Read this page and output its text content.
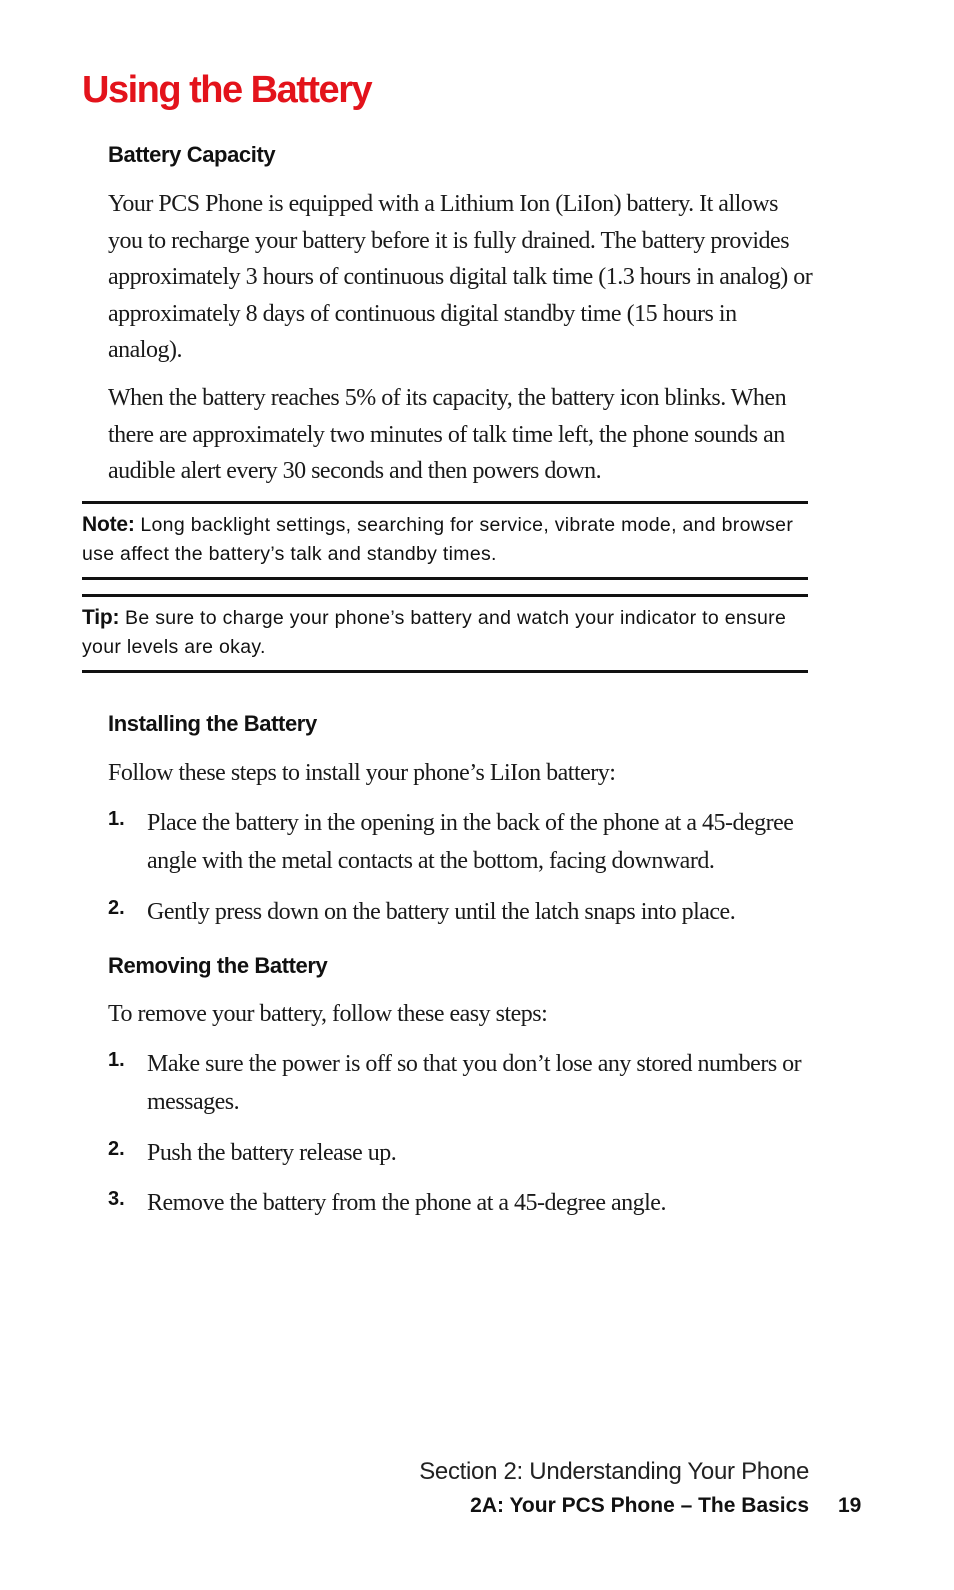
Using the Battery
Battery Capacity

Your PCS Phone is equipped with a Lithium Ion (LiIon) battery. It allows you to recharge your battery before it is fully drained. The battery provides approximately 3 hours of continuous digital talk time (1.3 hours in analog) or approximately 8 days of continuous digital standby time (15 hours in analog).

When the battery reaches 5% of its capacity, the battery icon blinks. When there are approximately two minutes of talk time left, the phone sounds an audible alert every 30 seconds and then powers down.

Note: Long backlight settings, searching for service, vibrate mode, and browser use affect the battery’s talk and standby times.
Tip: Be sure to charge your phone’s battery and watch your indicator to ensure your levels are okay.
Installing the Battery

Follow these steps to install your phone’s LiIon battery:

1. Place the battery in the opening in the back of the phone at a 45-degree angle with the metal contacts at the bottom, facing downward.
2. Gently press down on the battery until the latch snaps into place.
Removing the Battery

To remove your battery, follow these easy steps:

1. Make sure the power is off so that you don’t lose any stored numbers or messages.
2. Push the battery release up.
3. Remove the battery from the phone at a 45-degree angle.
Section 2: Understanding Your Phone
2A: Your PCS Phone – The Basics 19
